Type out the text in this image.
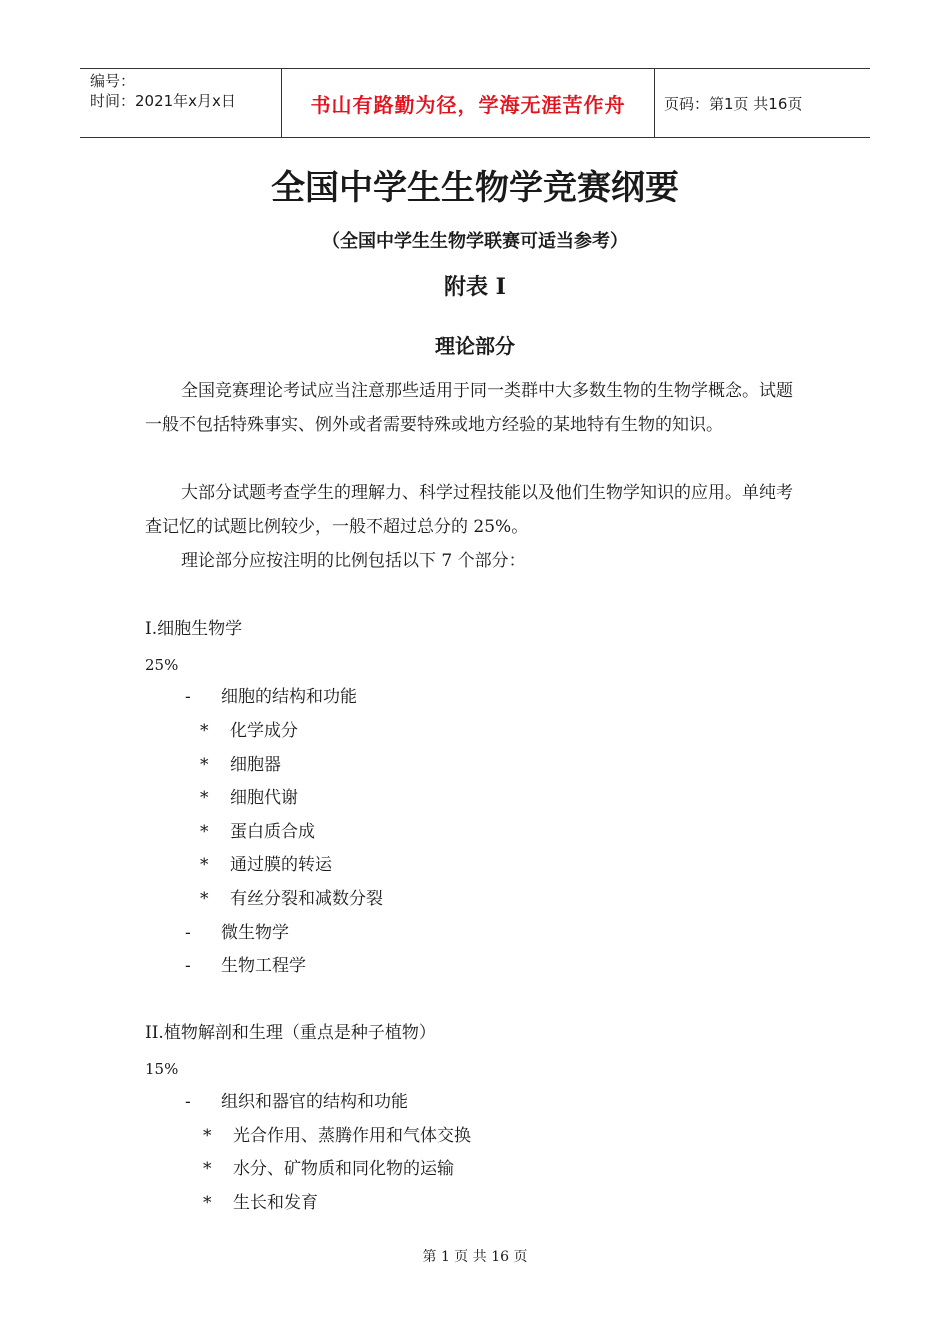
编号：
时间：2021年x月x日	书山有路勤为径，学海无涯苦作舟	页码：第1页 共16页
全国中学生生物学竞赛纲要
（全国中学生生物学联赛可适当参考）
附表 I
理论部分

全国竞赛理论考试应当注意那些适用于同一类群中大多数生物的生物学概念。试题一般不包括特殊事实、例外或者需要特殊或地方经验的某地特有生物的知识。

大部分试题考查学生的理解力、科学过程技能以及他们生物学知识的应用。单纯考查记忆的试题比例较少，一般不超过总分的 25%。

理论部分应按注明的比例包括以下 7 个部分：

I.细胞生物学
25%
- 细胞的结构和功能
* 化学成分
* 细胞器
* 细胞代谢
* 蛋白质合成
* 通过膜的转运
* 有丝分裂和减数分裂
- 微生物学
- 生物工程学
II.植物解剖和生理（重点是种子植物）
15%
- 组织和器官的结构和功能
* 光合作用、蒸腾作用和气体交换
* 水分、矿物质和同化物的运输
* 生长和发育
第 1 页 共 16 页
